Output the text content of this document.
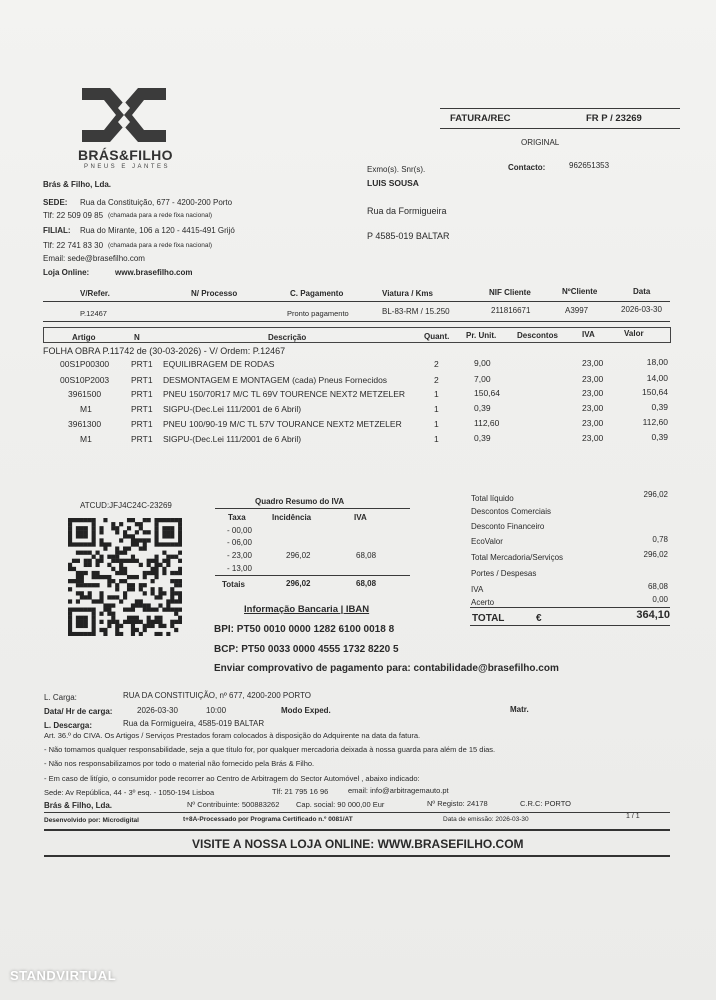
BRÁS&FILHO
PNEUS E JANTES
Brás & Filho, Lda.
SEDE: Rua da Constituição, 677 - 4200-200 Porto
Tlf: 22 509 09 85 (chamada para a rede fixa nacional)
FILIAL: Rua do Mirante, 106 a 120 - 4415-491 Grijó
Tlf: 22 741 83 30 (chamada para a rede fixa nacional)
Email: sede@brasefilho.com
Loja Online:	www.brasefilho.com
FATURA/REC	FR P / 23269
ORIGINAL
Contacto:	962651353
Exmo(s). Snr(s).
LUIS SOUSA
Rua da Formigueira
P 4585-019 BALTAR
V/Refer.	N/ Processo	C. Pagamento	Viatura / Kms	NIF Cliente	NºCliente	Data
P.12467	Pronto pagamento	BL-83-RM / 15.250	211816671	A3997	2026-03-30
Artigo	N	Descrição	Quant. Pr. Unit.	Descontos	IVA	Valor
FOLHA OBRA P.11742 de (30-03-2026) - V/ Ordem: P.12467
00S1P00300	PRT1 EQUILIBRAGEM DE RODAS	2	9,00	23,00	18,00
00S10P2003	PRT1 DESMONTAGEM E MONTAGEM (cada) Pneus Fornecidos	2	7,00	23,00	14,00
3961500	PRT1 PNEU 150/70R17 M/C TL 69V TOURENCE NEXT2 METZELER	1	150,64	23,00	150,64
M1	PRT1 SIGPU-(Dec.Lei 111/2001 de 6 Abril)	1	0,39	23,00	0,39
3961300	PRT1 PNEU 100/90-19 M/C TL 57V TOURANCE NEXT2 METZELER	1	112,60	23,00	112,60
M1	PRT1 SIGPU-(Dec.Lei 111/2001 de 6 Abril)	1	0,39	23,00	0,39
ATCUD:JFJ4C24C-23269	Quadro Resumo do IVA
Taxa	Incidência	IVA
- 00,00
- 06,00
- 23,00	296,02	68,08
- 13,00
Totais	296,02	68,08
Total líquido	296,02
Descontos Comerciais
Desconto Financeiro
EcoValor	0,78
Total Mercadoria/Serviços	296,02
Portes / Despesas
IVA	68,08
Acerto	0,00
TOTAL	€	364,10
Informação Bancaria | IBAN
BPI: PT50 0010 0000 1282 6100 0018 8
BCP: PT50 0033 0000 4555 1732 8220 5
Enviar comprovativo de pagamento para: contabilidade@brasefilho.com
L. Carga:	RUA DA CONSTITUIÇÃO, nº 677, 4200-200 PORTO
Data/ Hr de carga:	2026-03-30	10:00	Modo Exped.	Matr.
L. Descarga:	Rua da Formigueira, 4585-019 BALTAR
Art. 36.º do CIVA. Os Artigos / Serviços Prestados foram colocados à disposição do Adquirente na data da fatura.
- Não tomamos qualquer responsabilidade, seja a que título for, por qualquer mercadoria deixada à nossa guarda para além de 15 dias.
- Não nos responsabilizamos por todo o material não fornecido pela Brás & Filho.
- Em caso de litígio, o consumidor pode recorrer ao Centro de Arbitragem do Sector Automóvel , abaixo indicado:
Sede: Av República, 44 - 3º esq. - 1050-194 Lisboa	Tlf: 21 795 16 96	email: info@arbitragemauto.pt
Brás & Filho, Lda.	Nº Contribuinte: 500883262 Cap. social: 90 000,00 Eur	Nº Registo: 24178	C.R.C: PORTO
Desenvolvido por: Microdigital	t+8A-Processado por Programa Certificado n.º 0081/AT	Data de emissão: 2026-03-30	1 / 1
VISITE A NOSSA LOJA ONLINE: WWW.BRASEFILHO.COM
STANDVIRTUAL
